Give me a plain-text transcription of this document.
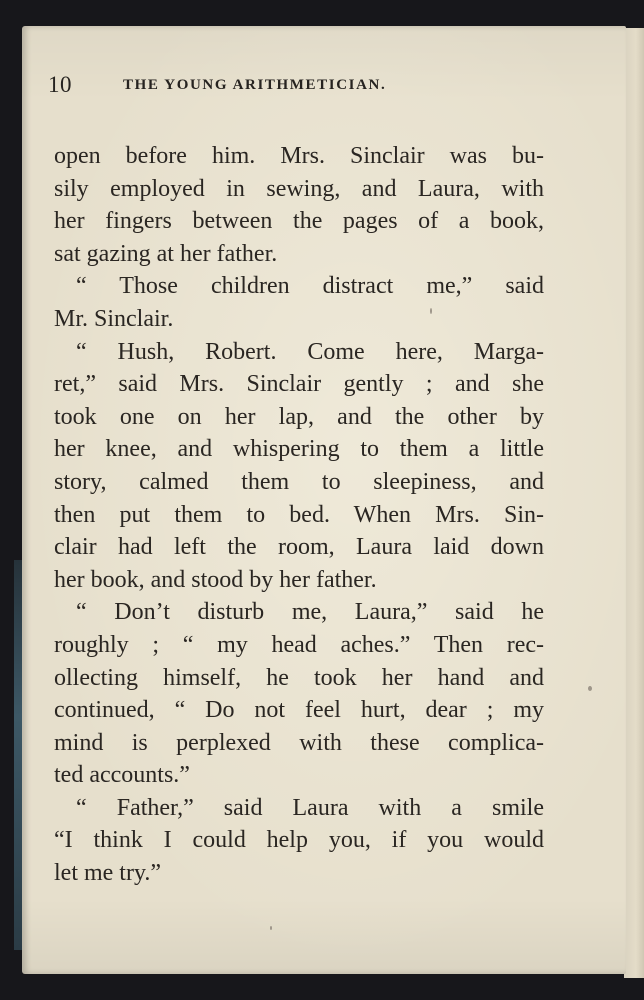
10	THE YOUNG ARITHMETICIAN.
open before him. Mrs. Sinclair was bu-
sily employed in sewing, and Laura, with
her fingers between the pages of a book,
sat gazing at her father.
“ Those children distract me,” said
Mr. Sinclair.
“ Hush, Robert. Come here, Marga-
ret,” said Mrs. Sinclair gently ; and she
took one on her lap, and the other by
her knee, and whispering to them a little
story, calmed them to sleepiness, and
then put them to bed. When Mrs. Sin-
clair had left the room, Laura laid down
her book, and stood by her father.
“ Don’t disturb me, Laura,” said he
roughly ; “ my head aches.” Then rec-
ollecting himself, he took her hand and
continued, “ Do not feel hurt, dear ; my
mind is perplexed with these complica-
ted accounts.”
“ Father,” said Laura with a smile
“I think I could help you, if you would
let me try.”
